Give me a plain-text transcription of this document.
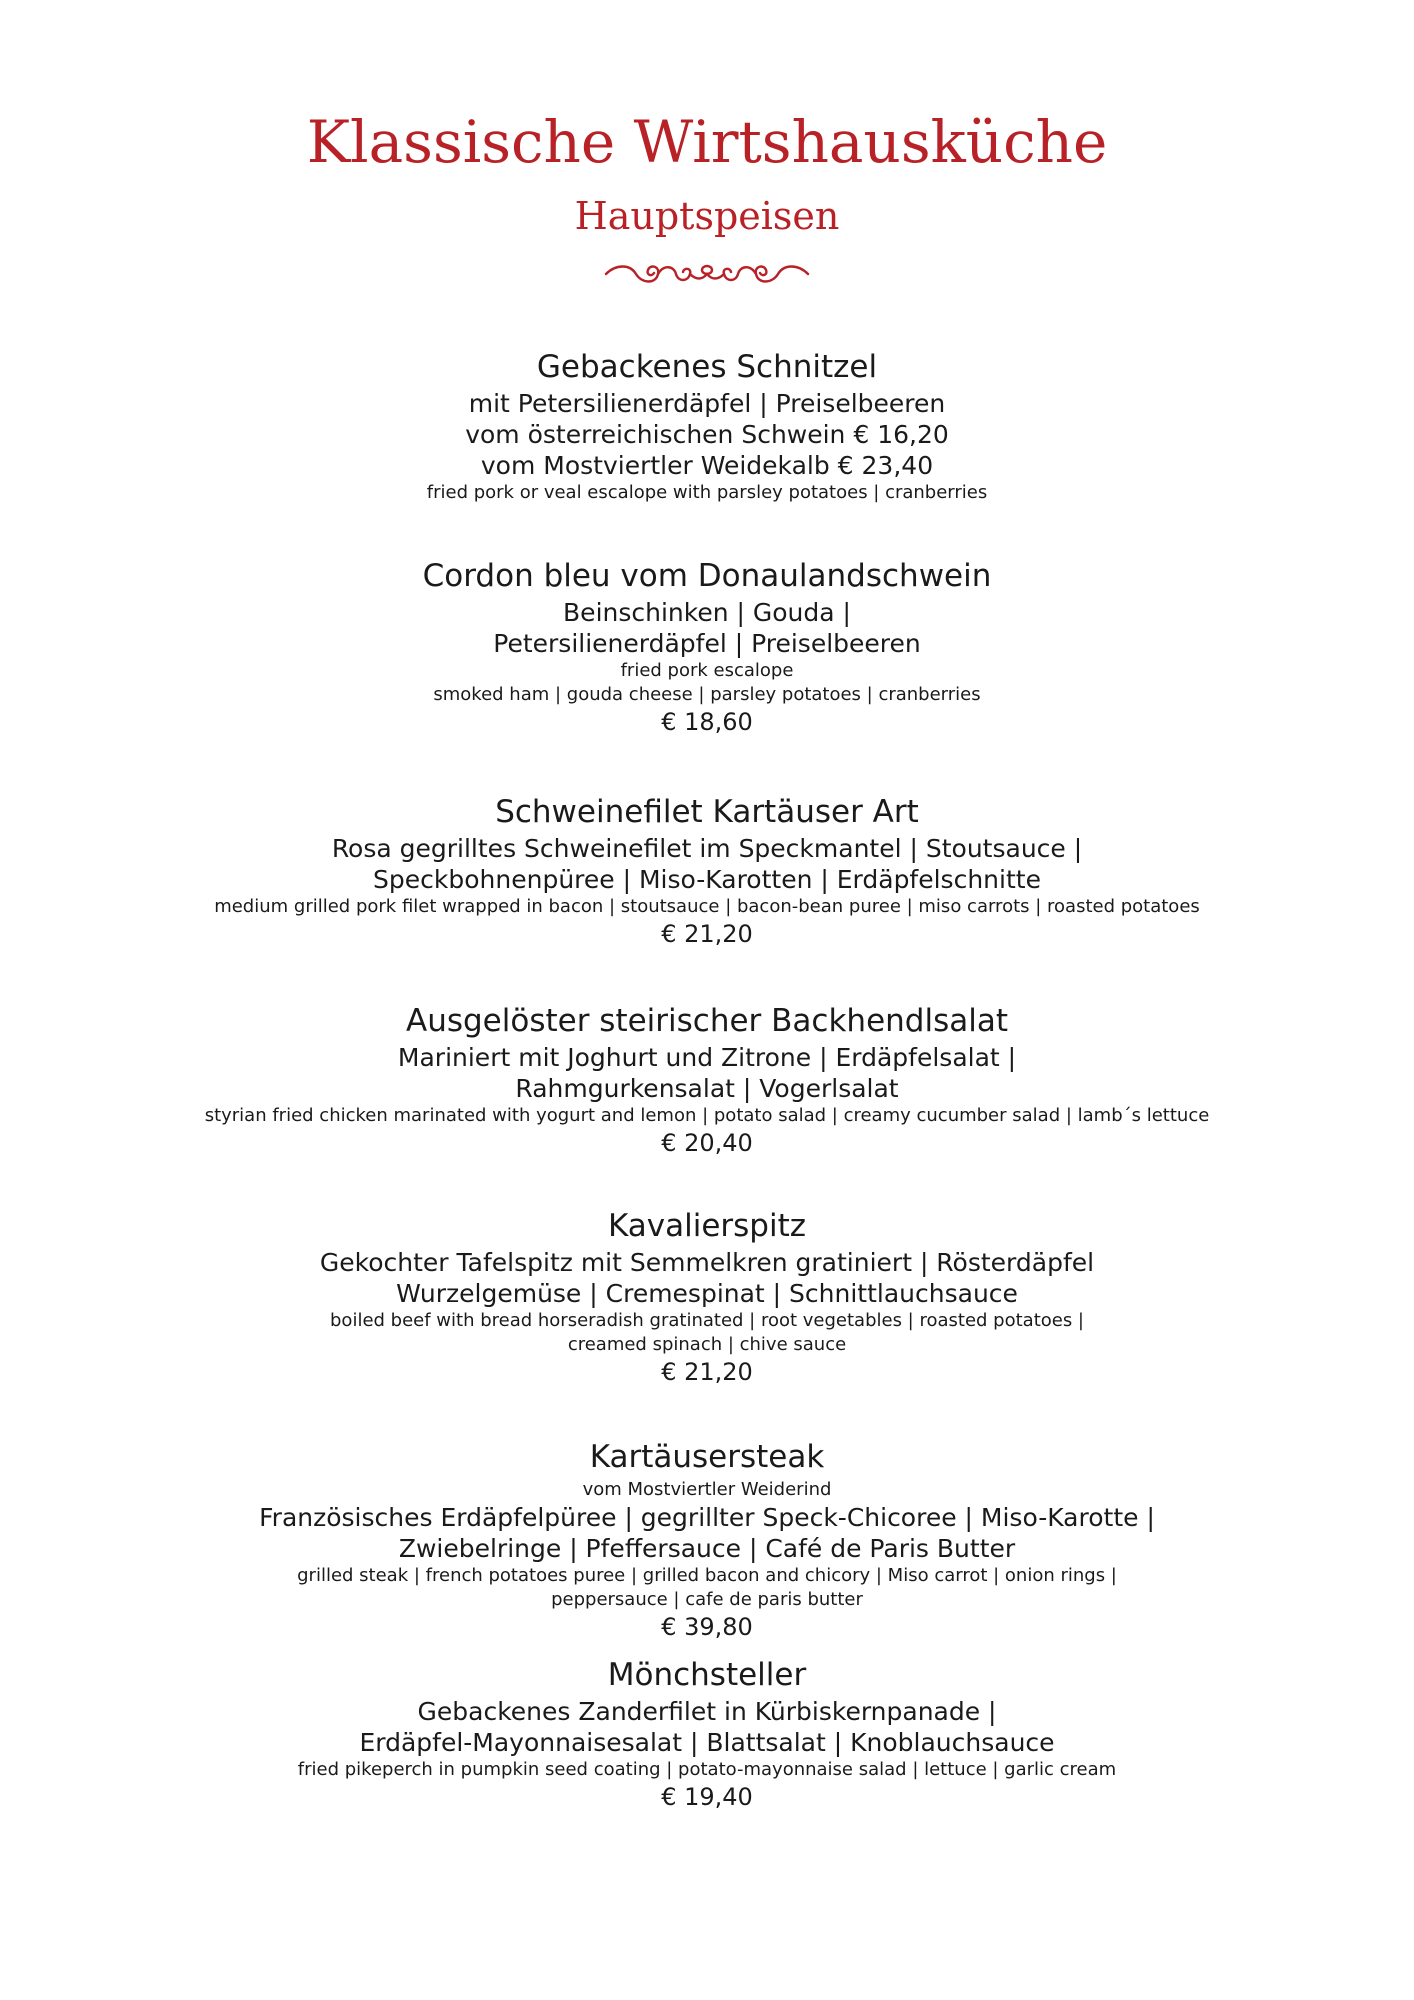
Klassische Wirtshausküche
Hauptspeisen
Gebackenes Schnitzel
mit Petersilienerdäpfel | Preiselbeeren
vom österreichischen Schwein € 16,20
vom Mostviertler Weidekalb € 23,40
fried pork or veal escalope with parsley potatoes | cranberries
Cordon bleu vom Donaulandschwein
Beinschinken | Gouda |
Petersilienerdäpfel | Preiselbeeren
fried pork escalope
smoked ham | gouda cheese | parsley potatoes | cranberries
€ 18,60
Schweinefilet Kartäuser Art
Rosa gegrilltes Schweinefilet im Speckmantel | Stoutsauce |
Speckbohnenpüree | Miso-Karotten | Erdäpfelschnitte
medium grilled pork filet wrapped in bacon | stoutsauce | bacon-bean puree | miso carrots | roasted potatoes
€ 21,20
Ausgelöster steirischer Backhendlsalat
Mariniert mit Joghurt und Zitrone | Erdäpfelsalat |
Rahmgurkensalat | Vogerlsalat
styrian fried chicken marinated with yogurt and lemon | potato salad | creamy cucumber salad | lamb´s lettuce
€ 20,40
Kavalierspitz
Gekochter Tafelspitz mit Semmelkren gratiniert | Rösterdäpfel
Wurzelgemüse | Cremespinat | Schnittlauchsauce
boiled beef with bread horseradish gratinated | root vegetables | roasted potatoes |
creamed spinach | chive sauce
€ 21,20
Kartäusersteak
vom Mostviertler Weiderind
Französisches Erdäpfelpüree | gegrillter Speck-Chicoree | Miso-Karotte |
Zwiebelringe | Pfeffersauce | Café de Paris Butter
grilled steak | french potatoes puree | grilled bacon and chicory | Miso carrot | onion rings |
peppersauce | cafe de paris butter
€ 39,80
Mönchsteller
Gebackenes Zanderfilet in Kürbiskernpanade |
Erdäpfel-Mayonnaisesalat | Blattsalat | Knoblauchsauce
fried pikeperch in pumpkin seed coating | potato-mayonnaise salad | lettuce | garlic cream
€ 19,40
